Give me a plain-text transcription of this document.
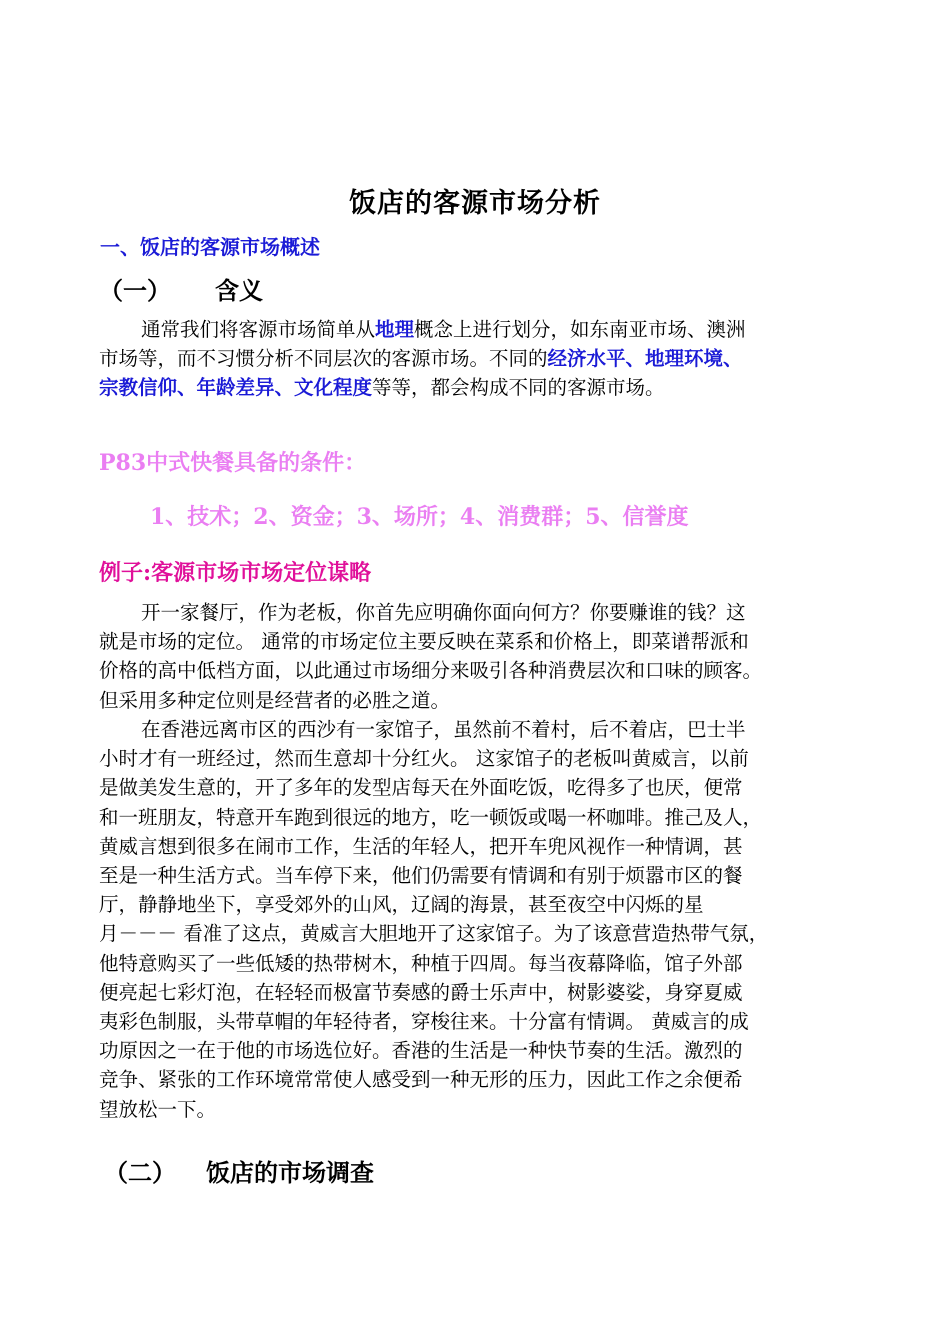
饭店的客源市场分析
一、饭店的客源市场概述
（一） 含义
通常我们将客源市场简单从地理概念上进行划分，如东南亚市场、澳洲
市场等，而不习惯分析不同层次的客源市场。不同的经济水平、地理环境、
宗教信仰、年龄差异、文化程度等等，都会构成不同的客源市场。
P83中式快餐具备的条件：
1、技术；2、资金；3、场所；4、消费群；5、信誉度
例子:客源市场市场定位谋略
开一家餐厅，作为老板，你首先应明确你面向何方？你要赚谁的钱？这
就是市场的定位。 通常的市场定位主要反映在菜系和价格上，即菜谱帮派和
价格的高中低档方面，以此通过市场细分来吸引各种消费层次和口味的顾客。
但采用多种定位则是经营者的必胜之道。
在香港远离市区的西沙有一家馆子，虽然前不着村，后不着店，巴士半
小时才有一班经过，然而生意却十分红火。 这家馆子的老板叫黄威言，以前
是做美发生意的，开了多年的发型店每天在外面吃饭，吃得多了也厌，便常
和一班朋友，特意开车跑到很远的地方，吃一顿饭或喝一杯咖啡。推己及人，
黄威言想到很多在闹市工作，生活的年轻人，把开车兜风视作一种情调，甚
至是一种生活方式。当车停下来，他们仍需要有情调和有别于烦嚣市区的餐
厅，静静地坐下，享受郊外的山风，辽阔的海景，甚至夜空中闪烁的星
月－－－ 看准了这点，黄威言大胆地开了这家馆子。为了该意营造热带气氛，
他特意购买了一些低矮的热带树木，种植于四周。每当夜幕降临，馆子外部
便亮起七彩灯泡，在轻轻而极富节奏感的爵士乐声中，树影婆娑，身穿夏威
夷彩色制服，头带草帽的年轻待者，穿梭往来。十分富有情调。 黄威言的成
功原因之一在于他的市场选位好。香港的生活是一种快节奏的生活。激烈的
竞争、紧张的工作环境常常使人感受到一种无形的压力，因此工作之余便希
望放松一下。
（二） 饭店的市场调查
